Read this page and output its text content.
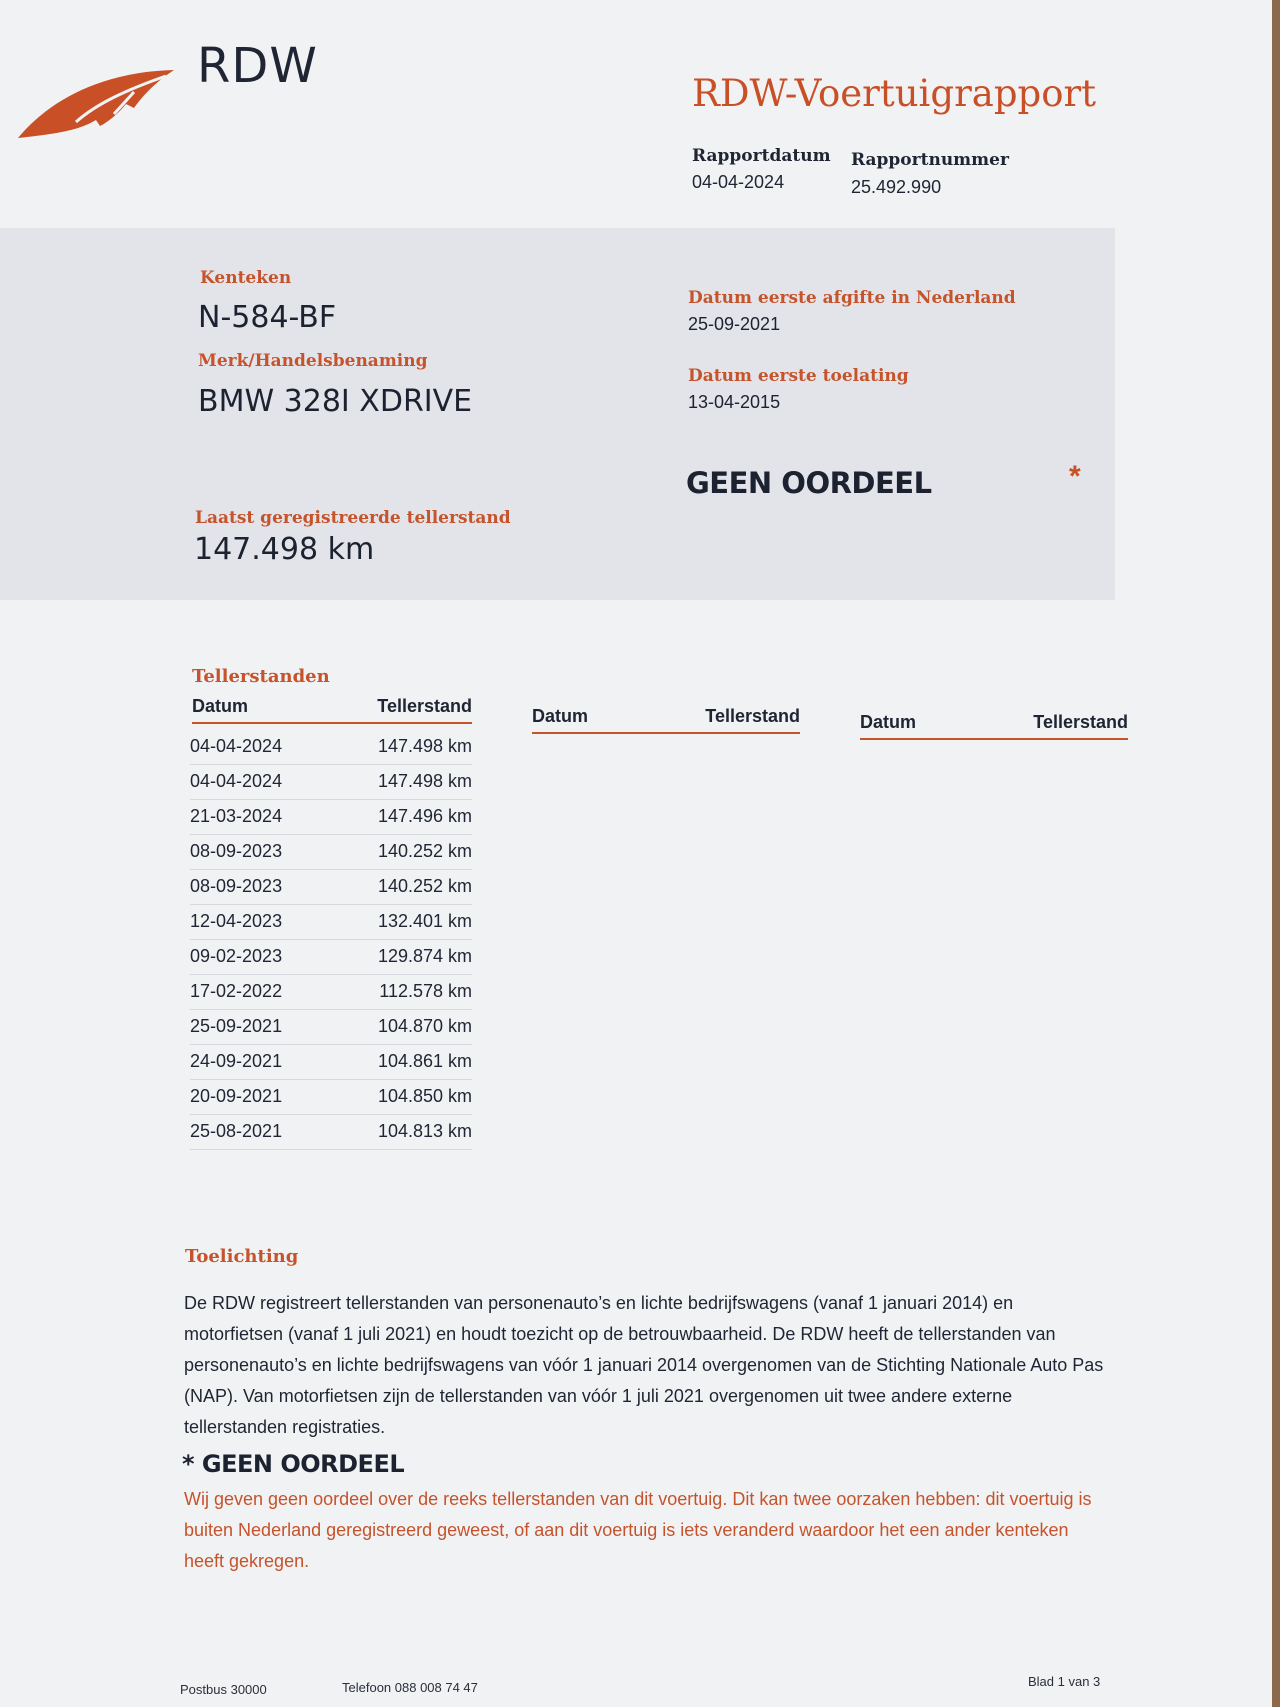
RDW	RDW-Voertuigrapport
Rapportdatum
04-04-2024
Rapportnummer
25.492.990
Kenteken
N-584-BF
Merk/Handelsbenaming
BMW 328I XDRIVE
Datum eerste afgifte in Nederland
25-09-2021
Datum eerste toelating
13-04-2015
GEEN OORDEEL	*
Laatst geregistreerde tellerstand
147.498 km
Tellerstanden
Datum	Tellerstand	Datum	Tellerstand	Datum	Tellerstand
04-04-2024	147.498 km
04-04-2024	147.498 km
21-03-2024	147.496 km
08-09-2023	140.252 km
08-09-2023	140.252 km
12-04-2023	132.401 km
09-02-2023	129.874 km
17-02-2022	112.578 km
25-09-2021	104.870 km
24-09-2021	104.861 km
20-09-2021	104.850 km
25-08-2021	104.813 km
Toelichting
De RDW registreert tellerstanden van personenauto’s en lichte bedrijfswagens (vanaf 1 januari 2014) en motorfietsen (vanaf 1 juli 2021) en houdt toezicht op de betrouwbaarheid. De RDW heeft de tellerstanden van personenauto’s en lichte bedrijfswagens van vóór 1 januari 2014 overgenomen van de Stichting Nationale Auto Pas (NAP). Van motorfietsen zijn de tellerstanden van vóór 1 juli 2021 overgenomen uit twee andere externe tellerstanden registraties.
* GEEN OORDEEL
Wij geven geen oordeel over de reeks tellerstanden van dit voertuig. Dit kan twee oorzaken hebben: dit voertuig is buiten Nederland geregistreerd geweest, of aan dit voertuig is iets veranderd waardoor het een ander kenteken heeft gekregen.
Postbus 30000	Telefoon 088 008 74 47	Blad 1 van 3
